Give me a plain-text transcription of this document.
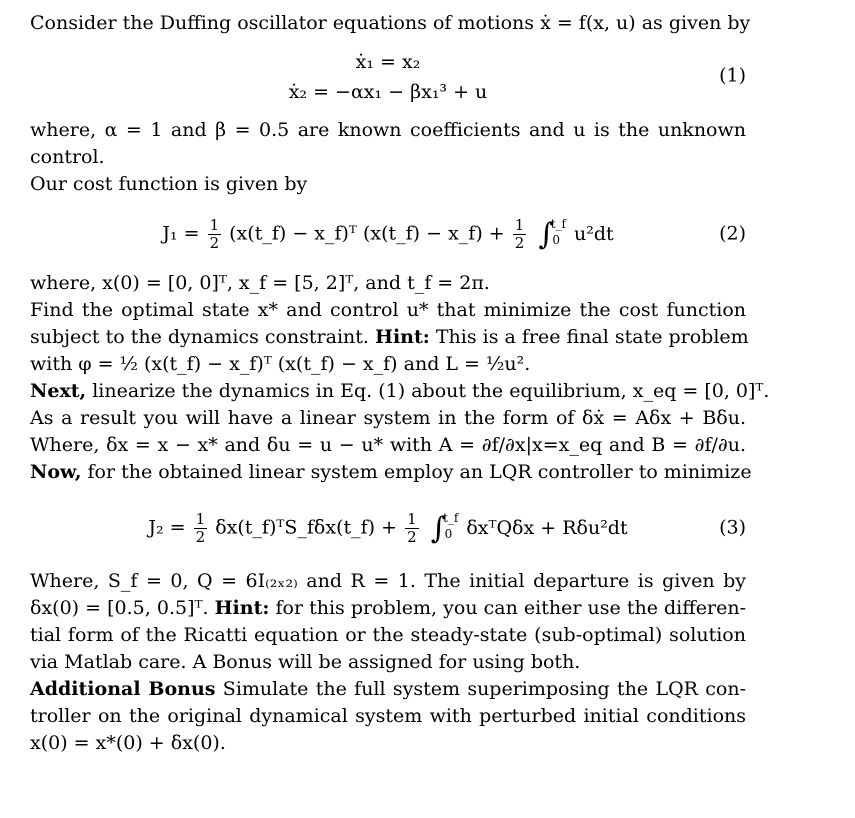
Consider the Duffing oscillator equations of motions ẋ = f(x, u) as given by
ẋ₁ = x₂
ẋ₂ = −αx₁ − βx₁³ + u
(1)
where, α = 1 and β = 0.5 are known coefficients and u is the unknown
control.
Our cost function is given by
$J_1 = \frac{1}{2}$ (x(t_f) − x_f)ᵀ (x(t_f) − x_f) + $\frac{1}{2}$ ∫
t_f
0 u²dt	(2)
where, x(0) = [0, 0]ᵀ, x_f = [5, 2]ᵀ, and t_f = 2π.
Find the optimal state x* and control u* that minimize the cost function
subject to the dynamics constraint. Hint: This is a free final state problem
with φ = ½ (x(t_f) − x_f)ᵀ (x(t_f) − x_f) and L = ½u².
Next, linearize the dynamics in Eq. (1) about the equilibrium, x_eq = [0, 0]ᵀ.
As a result you will have a linear system in the form of δẋ = Aδx + Bδu.
Where, δx = x − x* and δu = u − u* with A = ∂f/∂x|x=x_eq and B = ∂f/∂u.
Now, for the obtained linear system employ an LQR controller to minimize
$J_2 = \frac{1}{2}$ δx(t_f)ᵀS_fδx(t_f) + $\frac{1}{2}$ ∫
t_f
0 δxᵀQδx + Rδu²dt	(3)
Where, S_f = 0, Q = 6I₍₂ₓ₂₎ and R = 1. The initial departure is given by
δx(0) = [0.5, 0.5]ᵀ. Hint: for this problem, you can either use the differen-
tial form of the Ricatti equation or the steady-state (sub-optimal) solution
via Matlab care. A Bonus will be assigned for using both.
Additional Bonus Simulate the full system superimposing the LQR con-
troller on the original dynamical system with perturbed initial conditions
x(0) = x*(0) + δx(0).
